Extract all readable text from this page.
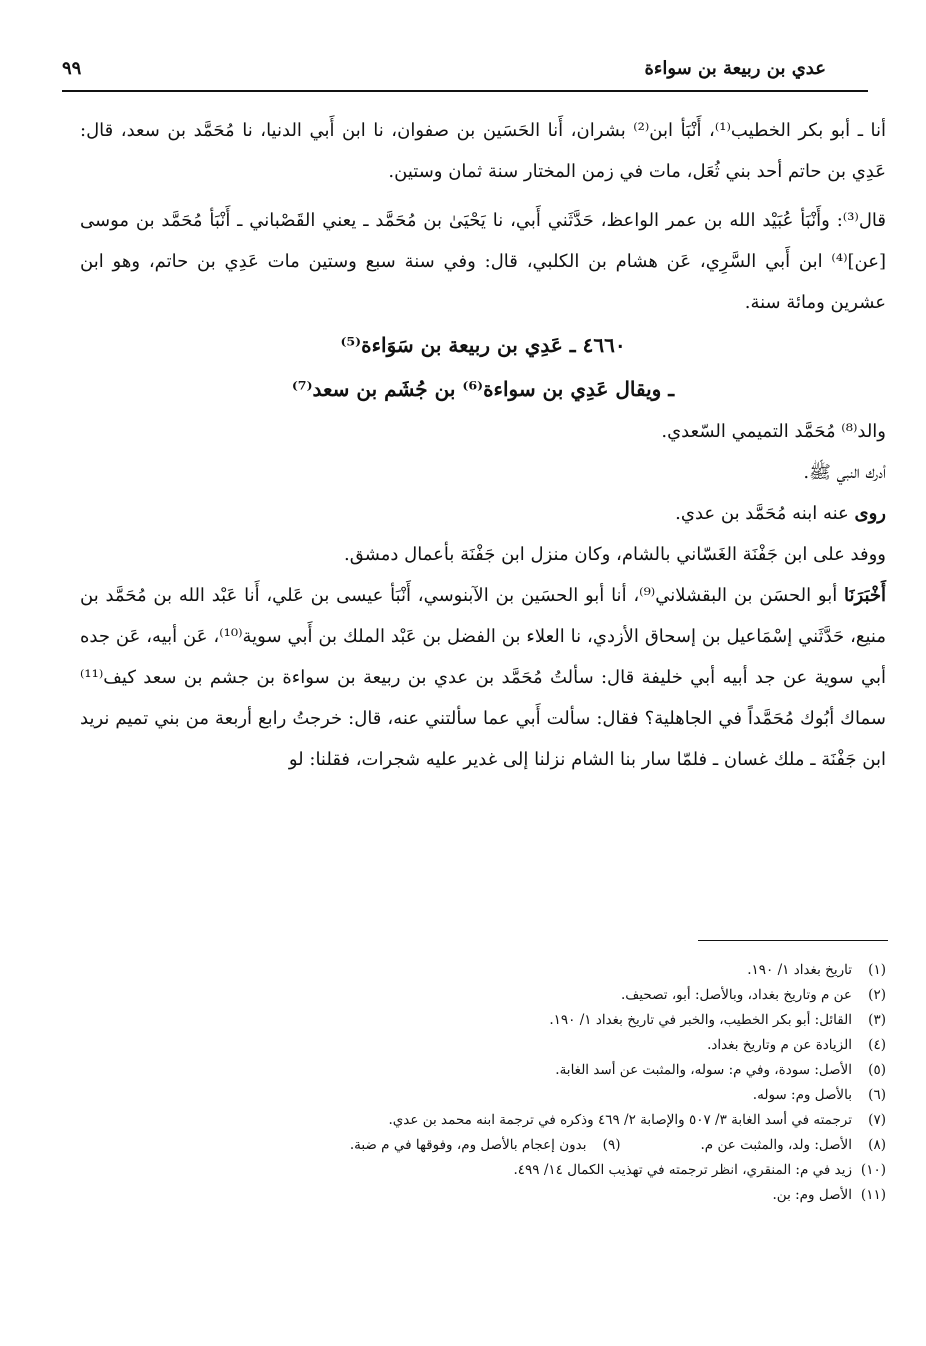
عدي بن ربيعة بن سواءة
٩٩

أنا ـ أبو بكر الخطيب⁽¹⁾، أَنْبَأ ابن⁽²⁾ بشران، أَنا الحَسَين بن صفوان، نا ابن أَبي الدنيا، نا مُحَمَّد بن سعد، قال: عَدِي بن حاتم أحد بني ثُعَل، مات في زمن المختار سنة ثمان وستين.

قال⁽³⁾: وأَنْبَأ عُبَيْد الله بن عمر الواعظ، حَدَّثَني أَبي، نا يَحْيَىٰ بن مُحَمَّد ـ يعني القَصْباني ـ أَنْبَأ مُحَمَّد بن موسى [عن]⁽⁴⁾ ابن أَبي السَّرِي، عَن هشام بن الكلبي، قال: وفي سنة سبع وستين مات عَدِي بن حاتم، وهو ابن عشرين ومائة سنة.

٤٦٦٠ ـ عَدِي بن ربيعة بن سَوَاءة⁽⁵⁾

ـ ويقال عَدِي بن سواءة⁽⁶⁾ بن جُشَم بن سعد⁽⁷⁾

والد⁽⁸⁾ مُحَمَّد التميمي السّعدي.

أدرك النبي ﷺ.

روى عنه ابنه مُحَمَّد بن عدي.

ووفد على ابن جَفْنَة الغَسّاني بالشام، وكان منزل ابن جَفْنَة بأعمال دمشق.

أَخْبَرَنَا أبو الحسَن بن البقشلاني⁽⁹⁾، أنا أبو الحسَين بن الآبنوسي، أَنْبَأ عيسى بن عَلي، أَنا عَبْد الله بن مُحَمَّد بن منيع، حَدَّثَني إسْمَاعيل بن إسحاق الأزدي، نا العلاء بن الفضل بن عَبْد الملك بن أَبي سوية⁽¹⁰⁾، عَن أبيه، عَن جده أبي سوية عن جد أبيه أبي خليفة قال: سألتُ مُحَمَّد بن عدي بن ربيعة بن سواءة بن جشم بن سعد كيف⁽¹¹⁾ سماك أبُوك مُحَمَّداً في الجاهلية؟ فقال: سألت أَبي عما سألتني عنه، قال: خرجتُ رابع أربعة من بني تميم نريد ابن جَفْنَة ـ ملك غسان ـ فلمّا سار بنا الشام نزلنا إلى غدير عليه شجرات، فقلنا: لو

(١)تاريخ بغداد ١/ ١٩٠.

(٢)عن م وتاريخ بغداد، وبالأصل: أبو، تصحيف.

(٣)القائل: أبو بكر الخطيب، والخبر في تاريخ بغداد ١/ ١٩٠.

(٤)الزيادة عن م وتاريخ بغداد.

(٥)الأصل: سودة، وفي م: سوله، والمثبت عن أسد الغابة.

(٦)بالأصل وم: سوله.

(٧)ترجمته في أسد الغابة ٣/ ٥٠٧ والإصابة ٢/ ٤٦٩ وذكره في ترجمة ابنه محمد بن عدي.

(٨)الأصل: ولد، والمثبت عن م.(٩)بدون إعجام بالأصل وم، وفوقها في م ضبة.

(١٠)زيد في م: المنقري، انظر ترجمته في تهذيب الكمال ١٤/ ٤٩٩.

(١١)الأصل وم: بن.
